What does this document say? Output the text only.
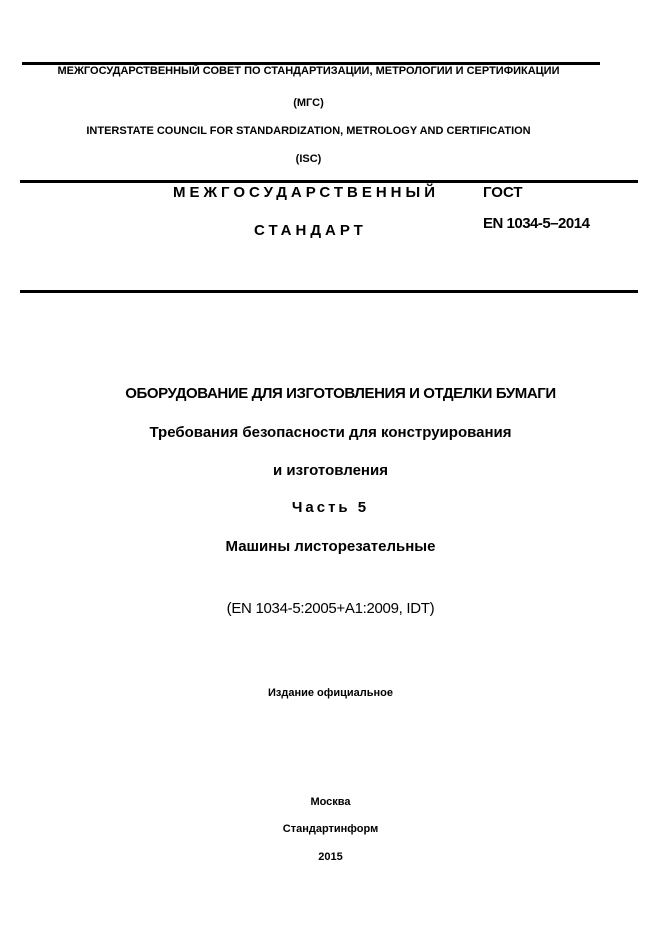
МЕЖГОСУДАРСТВЕННЫЙ СОВЕТ ПО СТАНДАРТИЗАЦИИ, МЕТРОЛОГИИ И СЕРТИФИКАЦИИ
(МГС)
INTERSTATE COUNCIL FOR STANDARDIZATION, METROLOGY AND CERTIFICATION
(ISC)
МЕЖГОСУДАРСТВЕННЫЙ
СТАНДАРТ
ГОСТ
EN 1034-5–2014
ОБОРУДОВАНИЕ ДЛЯ ИЗГОТОВЛЕНИЯ И ОТДЕЛКИ БУМАГИ
Требования безопасности для конструирования
и изготовления
Часть 5
Машины листорезательные
(EN 1034-5:2005+A1:2009, IDT)
Издание официальное
Москва
Стандартинформ
2015
